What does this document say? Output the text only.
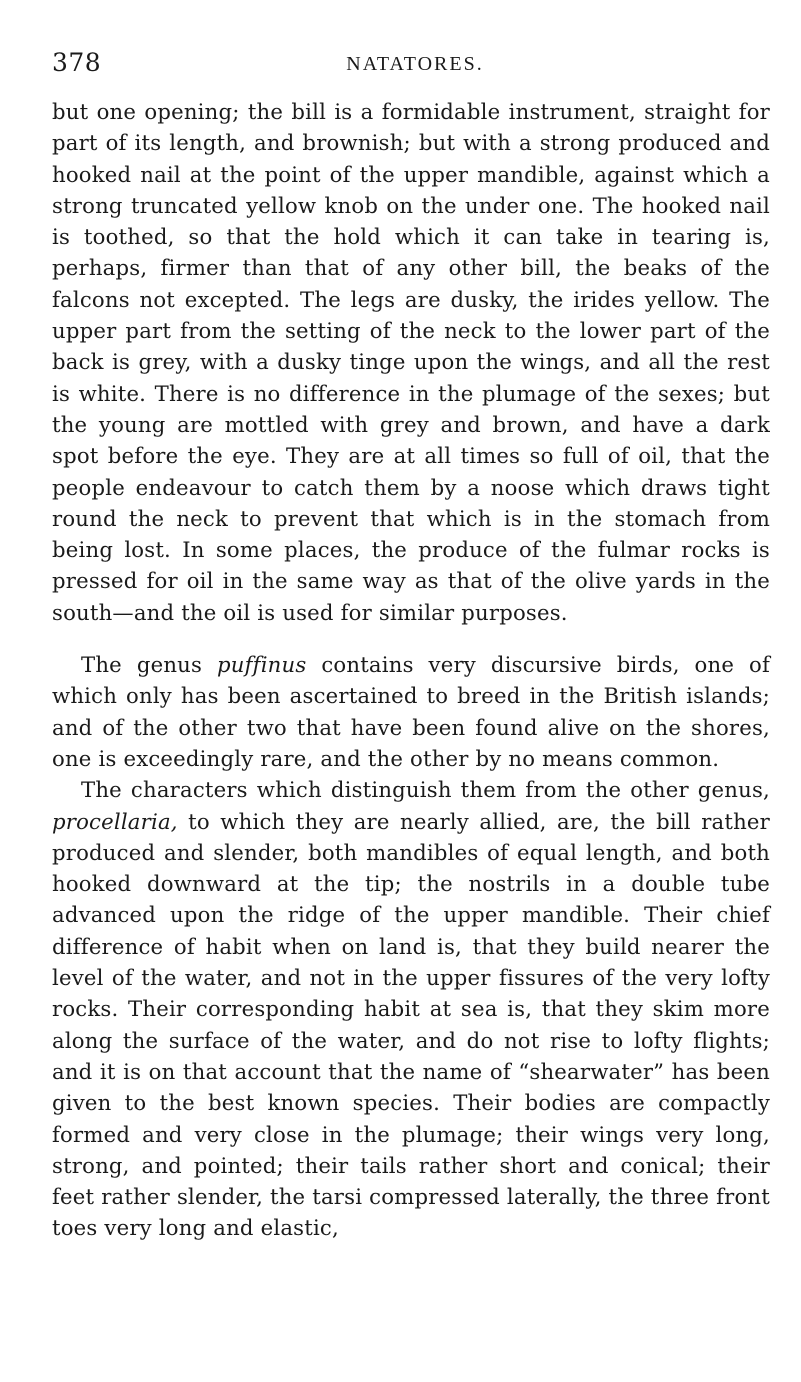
378	NATATORES.

but one opening; the bill is a formidable instrument, straight for part of its length, and brownish; but with a strong produced and hooked nail at the point of the upper mandible, against which a strong truncated yellow knob on the under one. The hooked nail is toothed, so that the hold which it can take in tearing is, perhaps, firmer than that of any other bill, the beaks of the falcons not excepted. The legs are dusky, the irides yellow. The upper part from the setting of the neck to the lower part of the back is grey, with a dusky tinge upon the wings, and all the rest is white. There is no difference in the plumage of the sexes; but the young are mottled with grey and brown, and have a dark spot before the eye. They are at all times so full of oil, that the people endeavour to catch them by a noose which draws tight round the neck to prevent that which is in the stomach from being lost. In some places, the produce of the fulmar rocks is pressed for oil in the same way as that of the olive yards in the south—and the oil is used for similar purposes.

The genus puffinus contains very discursive birds, one of which only has been ascertained to breed in the British islands; and of the other two that have been found alive on the shores, one is exceedingly rare, and the other by no means common.

The characters which distinguish them from the other genus, procellaria, to which they are nearly allied, are, the bill rather produced and slender, both mandibles of equal length, and both hooked downward at the tip; the nostrils in a double tube advanced upon the ridge of the upper mandible. Their chief difference of habit when on land is, that they build nearer the level of the water, and not in the upper fissures of the very lofty rocks. Their corresponding habit at sea is, that they skim more along the surface of the water, and do not rise to lofty flights; and it is on that account that the name of “shearwater” has been given to the best known species. Their bodies are compactly formed and very close in the plumage; their wings very long, strong, and pointed; their tails rather short and conical; their feet rather slender, the tarsi compressed laterally, the three front toes very long and elastic,
